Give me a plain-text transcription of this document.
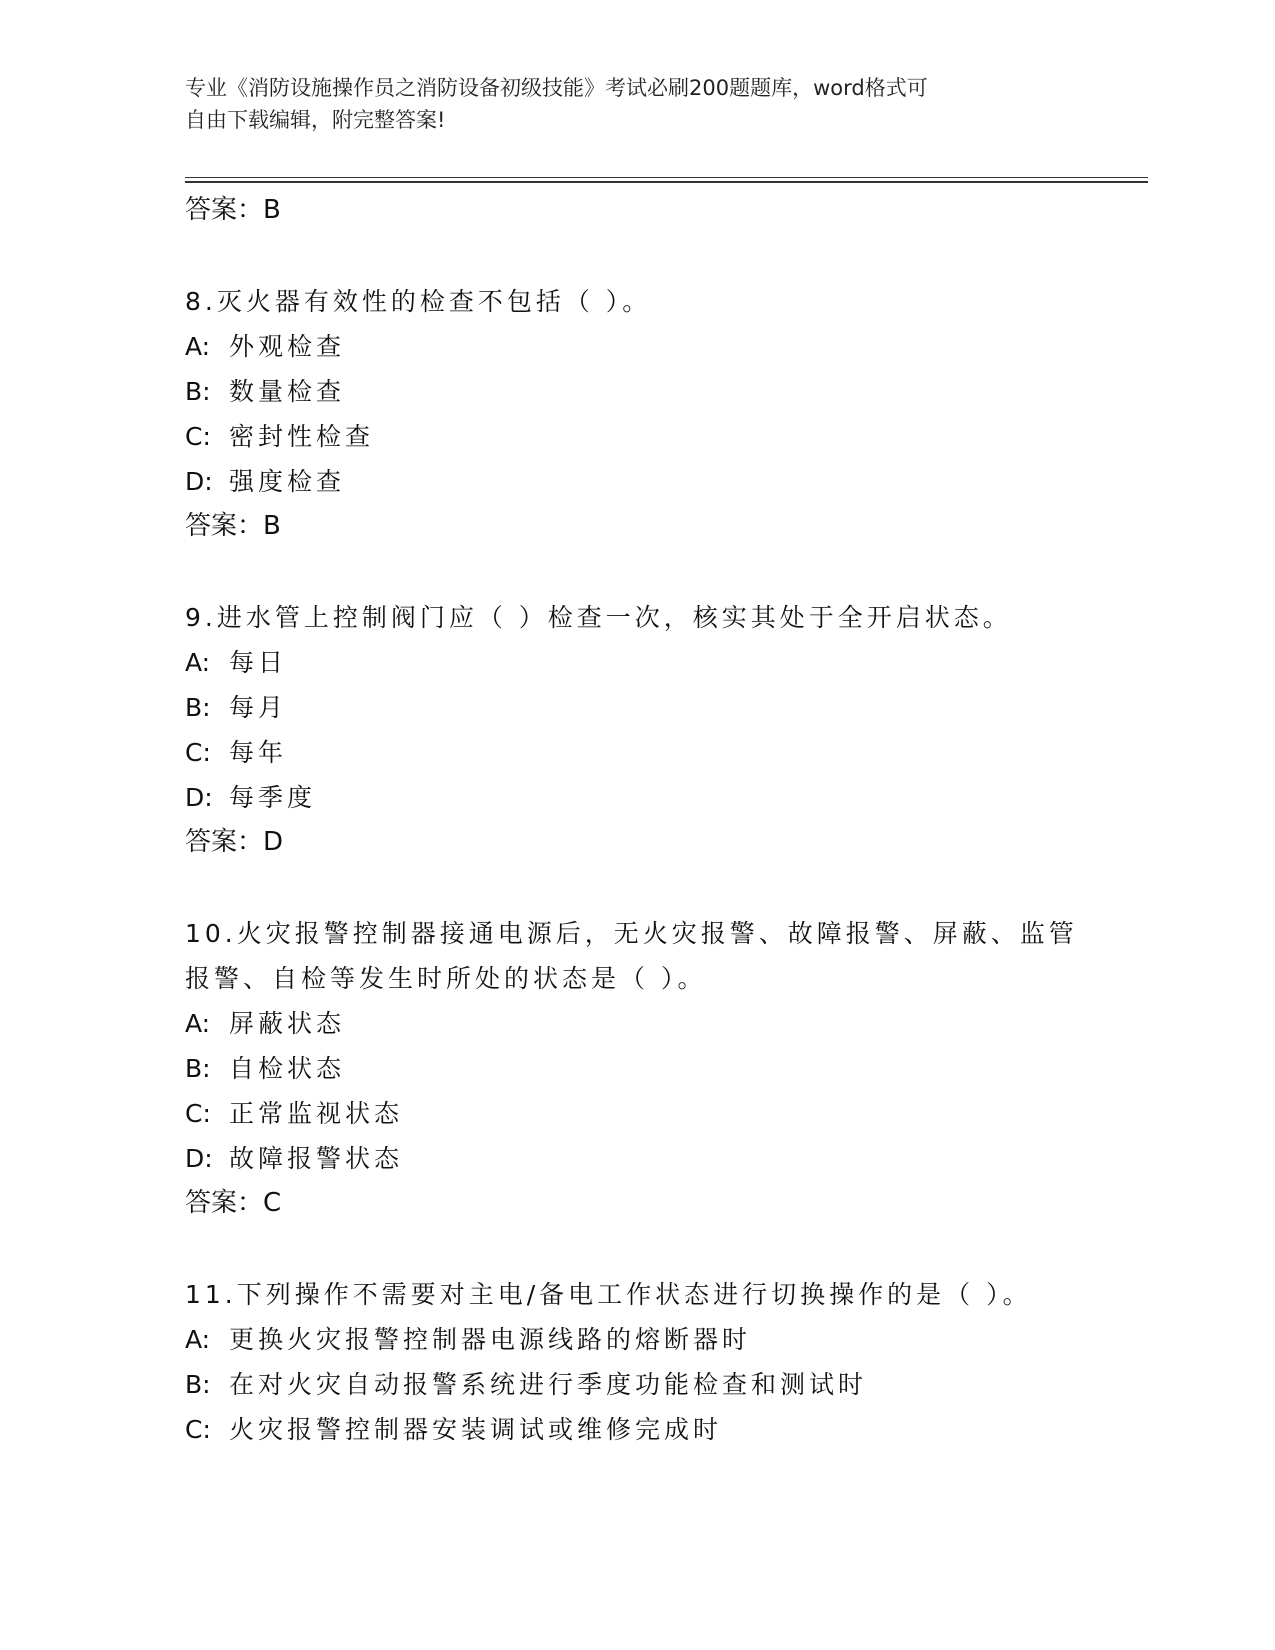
专业《消防设施操作员之消防设备初级技能》考试必刷200题题库，word格式可
自由下载编辑，附完整答案!
答案：B
8.灭火器有效性的检查不包括（ ）。
A: 外观检查
B: 数量检查
C: 密封性检查
D: 强度检查
答案：B
9.进水管上控制阀门应（ ）检查一次，核实其处于全开启状态。
A: 每日
B: 每月
C: 每年
D: 每季度
答案：D
10.火灾报警控制器接通电源后，无火灾报警、故障报警、屏蔽、监管报警、自检等发生时所处的状态是（ ）。
A: 屏蔽状态
B: 自检状态
C: 正常监视状态
D: 故障报警状态
答案：C
11.下列操作不需要对主电/备电工作状态进行切换操作的是（ ）。
A: 更换火灾报警控制器电源线路的熔断器时
B: 在对火灾自动报警系统进行季度功能检查和测试时
C: 火灾报警控制器安装调试或维修完成时
